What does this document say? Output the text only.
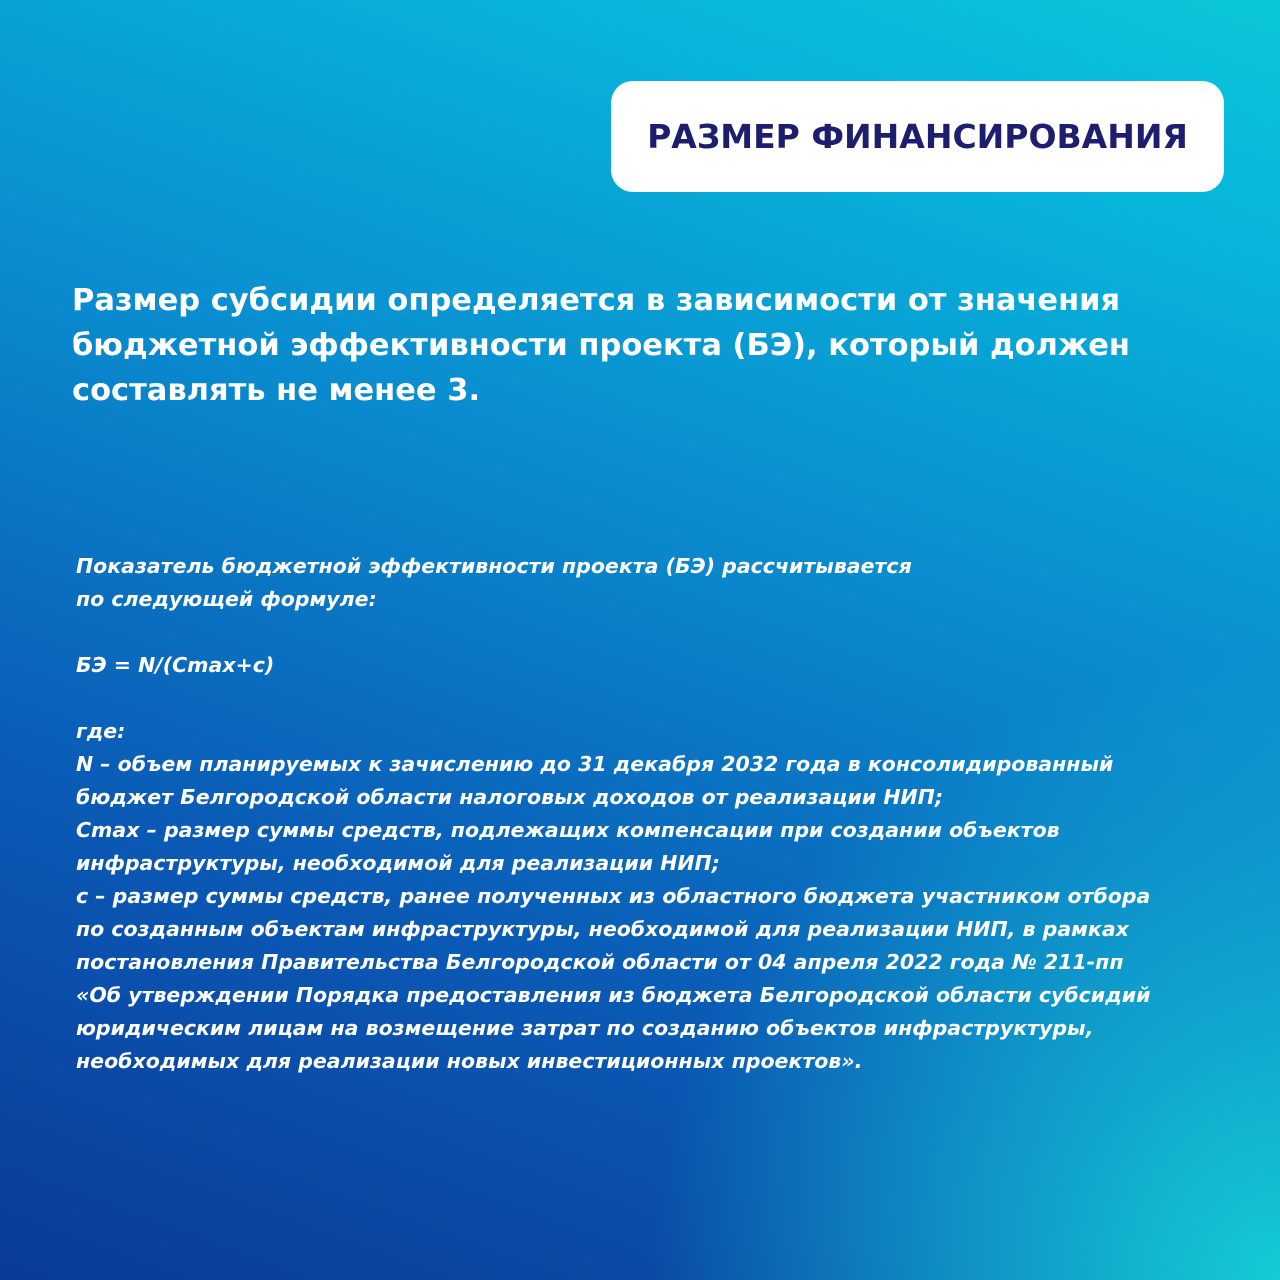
РАЗМЕР ФИНАНСИРОВАНИЯ

Размер субсидии определяется в зависимости от значения
бюджетной эффективности проекта (БЭ), который должен
составлять не менее 3.

Показатель бюджетной эффективности проекта (БЭ) рассчитывается
по следующей формуле:
БЭ = N/(Cmax+c)
где:
N – объем планируемых к зачислению до 31 декабря 2032 года в консолидированный
бюджет Белгородской области налоговых доходов от реализации НИП;
Cmax – размер суммы средств, подлежащих компенсации при создании объектов
инфраструктуры, необходимой для реализации НИП;
c – размер суммы средств, ранее полученных из областного бюджета участником отбора
по созданным объектам инфраструктуры, необходимой для реализации НИП, в рамках
постановления Правительства Белгородской области от 04 апреля 2022 года № 211-пп
«Об утверждении Порядка предоставления из бюджета Белгородской области субсидий
юридическим лицам на возмещение затрат по созданию объектов инфраструктуры,
необходимых для реализации новых инвестиционных проектов».
